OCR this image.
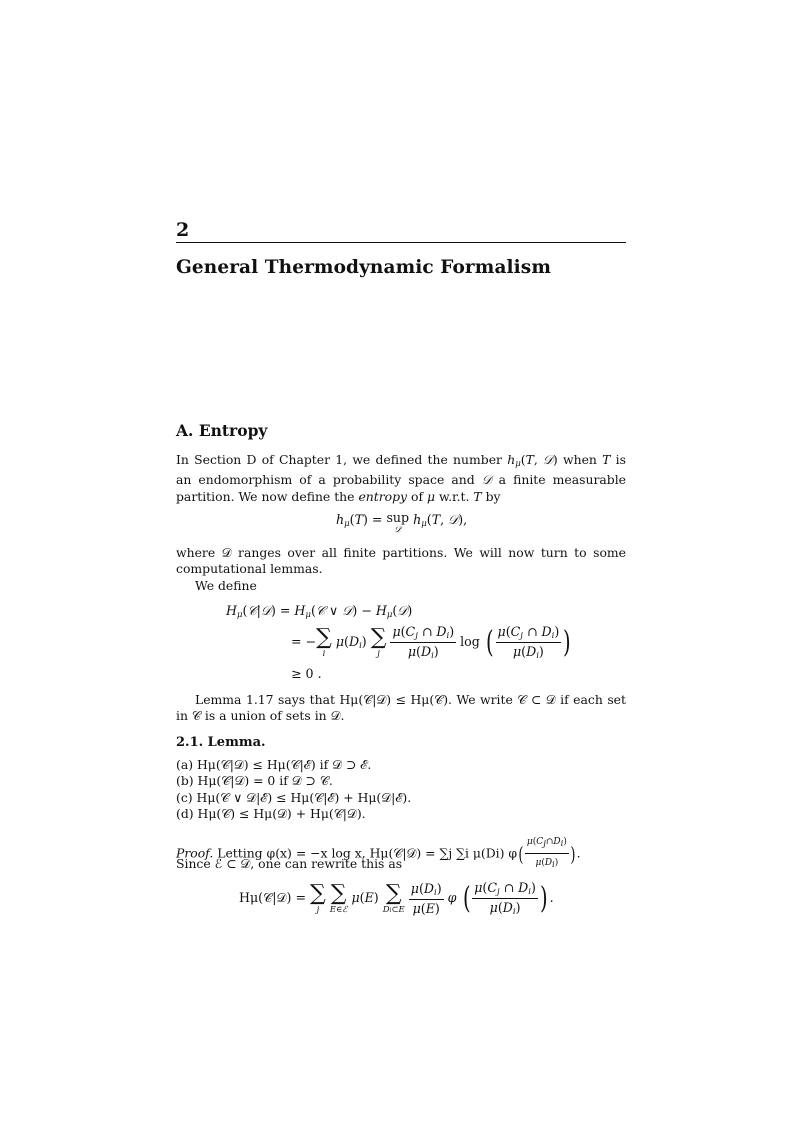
2
General Thermodynamic Formalism
A. Entropy
In Section D of Chapter 1, we defined the number $h_\mu(T$, 𝒟) when T is an endomorphism of a probability space and 𝒟 a finite measurable partition. We now define the entropy of μ w.r.t. T by
$h_\mu(T)$ = sup
𝒟
$h_\mu(T$, 𝒟),
where 𝒟 ranges over all finite partitions. We will now turn to some computational lemmas.
We define
$H_\mu(𝒞|𝒟)$ = $H_\mu(𝒞$ ∨ 𝒟) − $H_\mu(𝒟)$
= −∑
i
$\mu(D_i)$ ∑
j
$\frac{\mu(C_j \cap D_i)}{\mu(D_i)}$ log ( $\frac{\mu(C_j \cap D_i)}{\mu(D_i)}$ )
≥ 0 .
Lemma 1.17 says that Hμ(𝒞|𝒟) ≤ Hμ(𝒞). We write 𝒞 ⊂ 𝒟 if each set in 𝒞 is a union of sets in 𝒟.
2.1. Lemma.
(a) Hμ(𝒞|𝒟) ≤ Hμ(𝒞|ℰ) if 𝒟 ⊃ ℰ.
(b) Hμ(𝒞|𝒟) = 0 if 𝒟 ⊃ 𝒞.
(c) Hμ(𝒞 ∨ 𝒟|ℰ) ≤ Hμ(𝒞|ℰ) + Hμ(𝒟|ℰ).
(d) Hμ(𝒞) ≤ Hμ(𝒟) + Hμ(𝒞|𝒟).
Proof. Letting φ(x) = −x log x, Hμ(𝒞|𝒟) = ∑j ∑i μ(Di) $\varphi( \frac{\mu(Cj\cap Di)}{\mu(Di)}$ ).
Since ℰ ⊂ 𝒟, one can rewrite this as
Hμ(𝒞|𝒟) = ∑
j
∑
E∈ℰ
μ(E) ∑
Di⊂E
$\frac{\mu(D_i)}{\mu(E)}$ φ ( $\frac{\mu(C_j \cap D_i)}{\mu(D_i)}$ ) .
